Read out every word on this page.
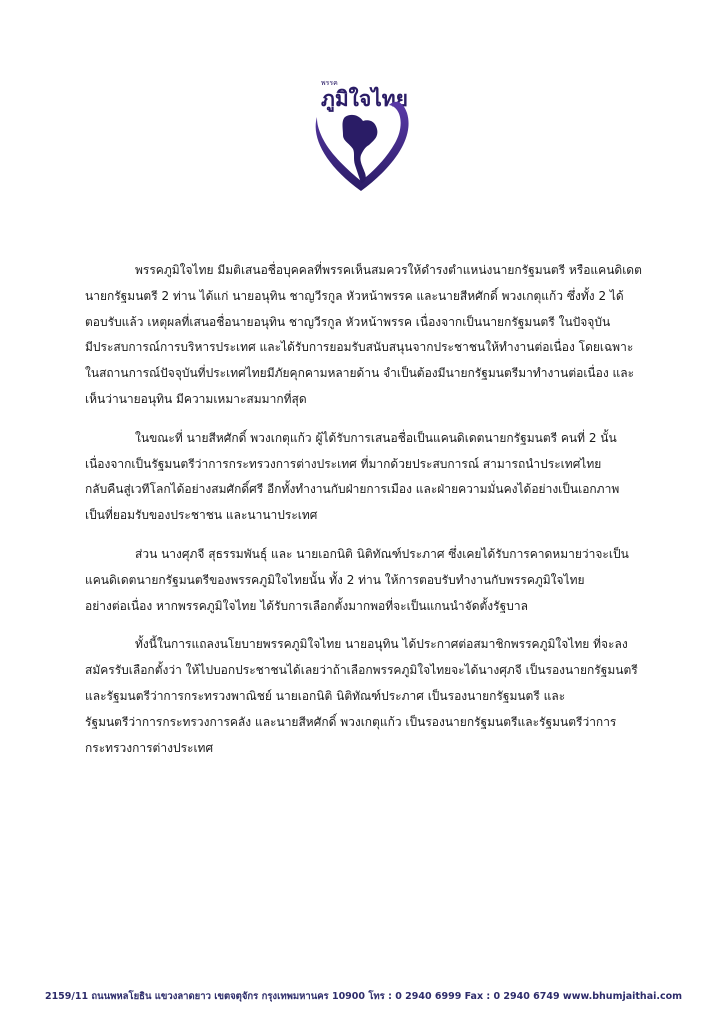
พรรค
ภูมิใจไทย
พรรคภูมิใจไทย มีมติเสนอชื่อบุคคลที่พรรคเห็นสมควรให้ดำรงตำแหน่งนายกรัฐมนตรี หรือแคนดิเดต
นายกรัฐมนตรี 2 ท่าน ได้แก่ นายอนุทิน ชาญวีรกูล หัวหน้าพรรค และนายสีหศักดิ์ พวงเกตุแก้ว ซึ่งทั้ง 2 ได้
ตอบรับแล้ว เหตุผลที่เสนอชื่อนายอนุทิน ชาญวีรกูล หัวหน้าพรรค เนื่องจากเป็นนายกรัฐมนตรี ในปัจจุบัน
มีประสบการณ์การบริหารประเทศ และได้รับการยอมรับสนับสนุนจากประชาชนให้ทำงานต่อเนื่อง โดยเฉพาะ
ในสถานการณ์ปัจจุบันที่ประเทศไทยมีภัยคุกคามหลายด้าน จำเป็นต้องมีนายกรัฐมนตรีมาทำงานต่อเนื่อง และ
เห็นว่านายอนุทิน มีความเหมาะสมมากที่สุด
ในขณะที่ นายสีหศักดิ์ พวงเกตุแก้ว ผู้ได้รับการเสนอชื่อเป็นแคนดิเดตนายกรัฐมนตรี คนที่ 2 นั้น
เนื่องจากเป็นรัฐมนตรีว่าการกระทรวงการต่างประเทศ ที่มากด้วยประสบการณ์ สามารถนำประเทศไทย
กลับคืนสู่เวทีโลกได้อย่างสมศักดิ์ศรี อีกทั้งทำงานกับฝ่ายการเมือง และฝ่ายความมั่นคงได้อย่างเป็นเอกภาพ
เป็นที่ยอมรับของประชาชน และนานาประเทศ
ส่วน นางศุภจี สุธรรมพันธุ์ และ นายเอกนิติ นิติทัณฑ์ประภาศ ซึ่งเคยได้รับการคาดหมายว่าจะเป็น
แคนดิเดตนายกรัฐมนตรีของพรรคภูมิใจไทยนั้น ทั้ง 2 ท่าน ให้การตอบรับทำงานกับพรรคภูมิใจไทย
อย่างต่อเนื่อง หากพรรคภูมิใจไทย ได้รับการเลือกตั้งมากพอที่จะเป็นแกนนำจัดตั้งรัฐบาล
ทั้งนี้ในการแถลงนโยบายพรรคภูมิใจไทย นายอนุทิน ได้ประกาศต่อสมาชิกพรรคภูมิใจไทย ที่จะลง
สมัครรับเลือกตั้งว่า ให้ไปบอกประชาชนได้เลยว่าถ้าเลือกพรรคภูมิใจไทยจะได้นางศุภจี เป็นรองนายกรัฐมนตรี
และรัฐมนตรีว่าการกระทรวงพาณิชย์ นายเอกนิติ นิติทัณฑ์ประภาศ เป็นรองนายกรัฐมนตรี และ
รัฐมนตรีว่าการกระทรวงการคลัง และนายสีหศักดิ์ พวงเกตุแก้ว เป็นรองนายกรัฐมนตรีและรัฐมนตรีว่าการ
กระทรวงการต่างประเทศ
2159/11 ถนนพหลโยธิน แขวงลาดยาว เขตจตุจักร กรุงเทพมหานคร 10900 โทร : 0 2940 6999 Fax : 0 2940 6749 www.bhumjaithai.com
